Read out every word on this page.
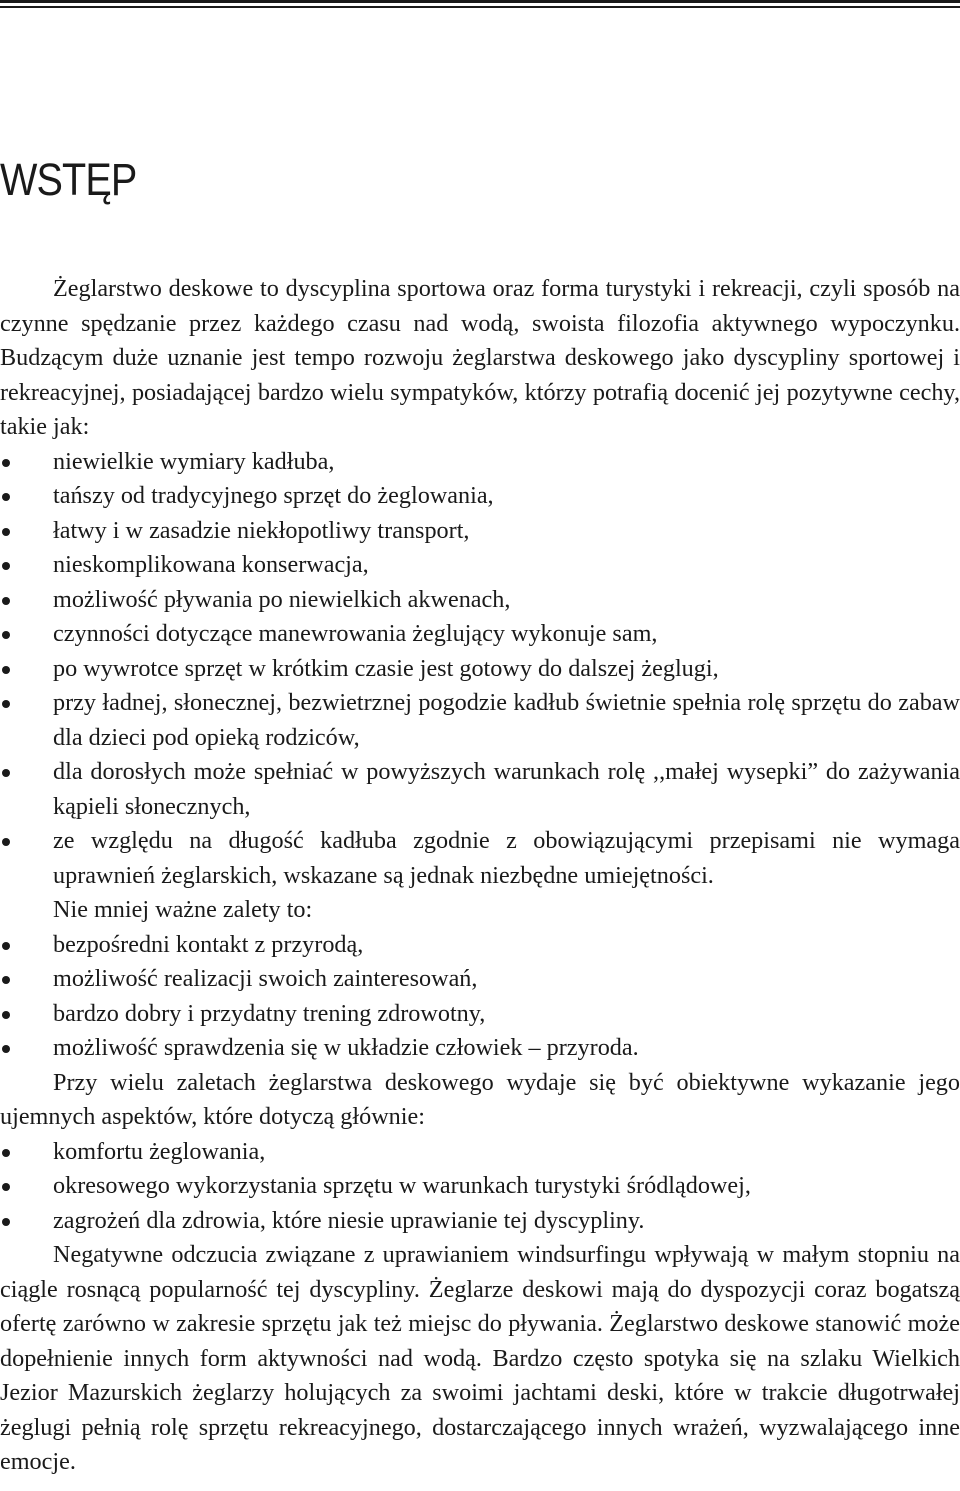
WSTĘP

Żeglarstwo deskowe to dyscyplina sportowa oraz forma turystyki i rekreacji, czyli sposób na czynne spędzanie przez każdego czasu nad wodą, swoista filozofia aktywnego wypoczynku. Budzącym duże uznanie jest tempo rozwoju żeglarstwa deskowego jako dyscypliny sportowej i rekreacyjnej, posiadającej bardzo wielu sympatyków, którzy potrafią docenić jej pozytywne cechy, takie jak:

niewielkie wymiary kadłuba,
tańszy od tradycyjnego sprzęt do żeglowania,
łatwy i w zasadzie niekłopotliwy transport,
nieskomplikowana konserwacja,
możliwość pływania po niewielkich akwenach,
czynności dotyczące manewrowania żeglujący wykonuje sam,
po wywrotce sprzęt w krótkim czasie jest gotowy do dalszej żeglugi,
przy ładnej, słonecznej, bezwietrznej pogodzie kadłub świetnie spełnia rolę sprzętu do zabaw dla dzieci pod opieką rodziców,
dla dorosłych może spełniać w powyższych warunkach rolę ,,małej wysepki” do zażywania kąpieli słonecznych,
ze względu na długość kadłuba zgodnie z obowiązującymi przepisami nie wymaga uprawnień żeglarskich, wskazane są jednak niezbędne umiejętności.

Nie mniej ważne zalety to:

bezpośredni kontakt z przyrodą,
możliwość realizacji swoich zainteresowań,
bardzo dobry i przydatny trening zdrowotny,
możliwość sprawdzenia się w układzie człowiek – przyroda.

Przy wielu zaletach żeglarstwa deskowego wydaje się być obiektywne wykazanie jego ujemnych aspektów, które dotyczą głównie:

komfortu żeglowania,
okresowego wykorzystania sprzętu w warunkach turystyki śródlądowej,
zagrożeń dla zdrowia, które niesie uprawianie tej dyscypliny.

Negatywne odczucia związane z uprawianiem windsurfingu wpływają w małym stopniu na ciągle rosnącą popularność tej dyscypliny. Żeglarze deskowi mają do dyspozycji coraz bogatszą ofertę zarówno w zakresie sprzętu jak też miejsc do pływania. Żeglarstwo deskowe stanowić może dopełnienie innych form aktywności nad wodą. Bardzo często spotyka się na szlaku Wielkich Jezior Mazurskich żeglarzy holujących za swoimi jachtami deski, które w trakcie długotrwałej żeglugi pełnią rolę sprzętu rekreacyjnego, dostarczającego innych wrażeń, wyzwalającego inne emocje.
